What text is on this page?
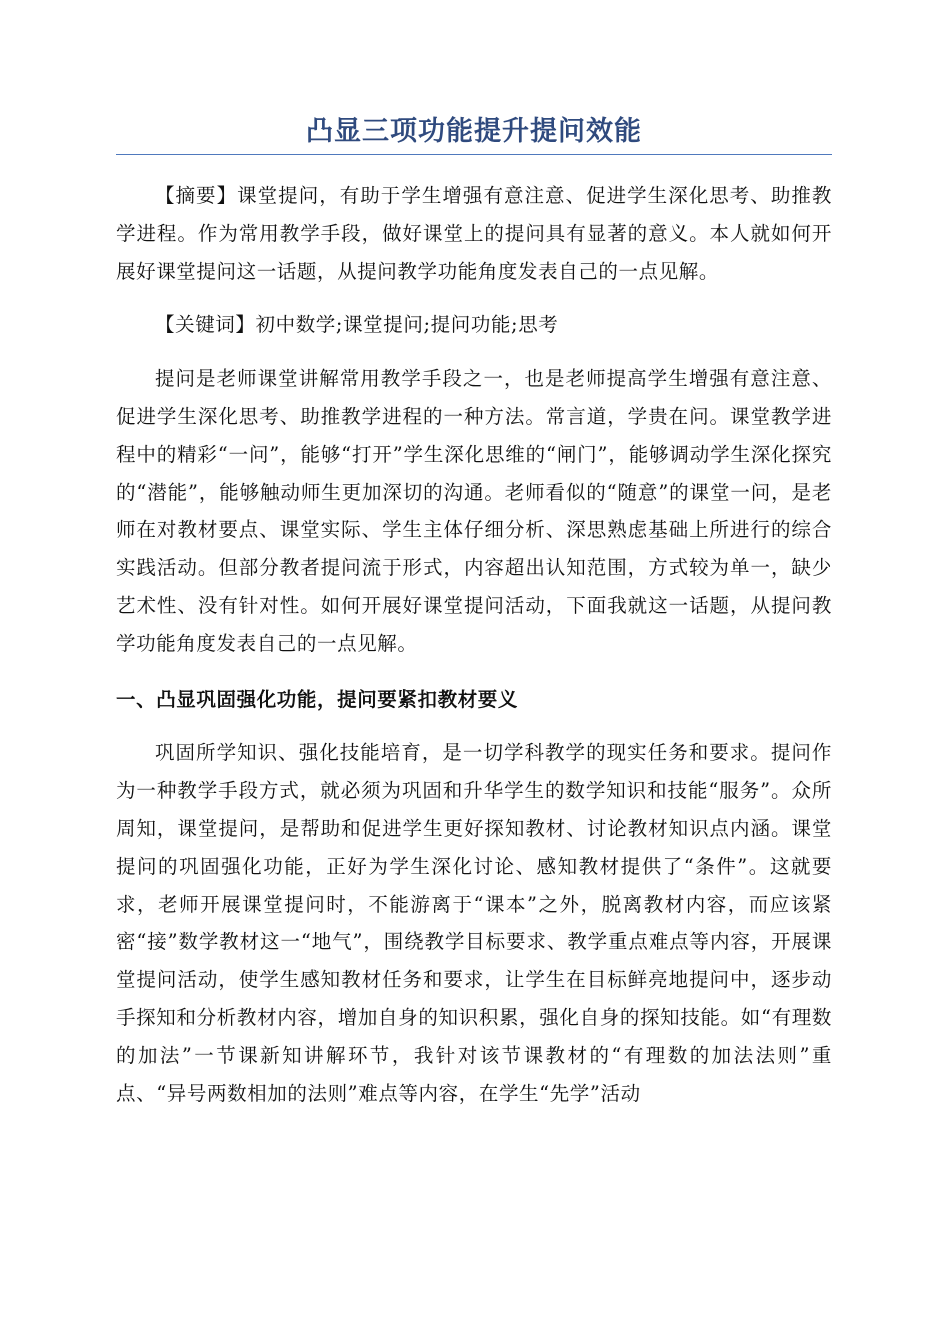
凸显三项功能提升提问效能

【摘要】课堂提问，有助于学生增强有意注意、促进学生深化思考、助推教学进程。作为常用教学手段，做好课堂上的提问具有显著的意义。本人就如何开展好课堂提问这一话题，从提问教学功能角度发表自己的一点见解。

【关键词】初中数学;课堂提问;提问功能;思考

提问是老师课堂讲解常用教学手段之一，也是老师提高学生增强有意注意、促进学生深化思考、助推教学进程的一种方法。常言道，学贵在问。课堂教学进程中的精彩“一问”，能够“打开”学生深化思维的“闸门”，能够调动学生深化探究的“潜能”，能够触动师生更加深切的沟通。老师看似的“随意”的课堂一问，是老师在对教材要点、课堂实际、学生主体仔细分析、深思熟虑基础上所进行的综合实践活动。但部分教者提问流于形式，内容超出认知范围，方式较为单一，缺少艺术性、没有针对性。如何开展好课堂提问活动，下面我就这一话题，从提问教学功能角度发表自己的一点见解。

一、凸显巩固强化功能，提问要紧扣教材要义

巩固所学知识、强化技能培育，是一切学科教学的现实任务和要求。提问作为一种教学手段方式，就必须为巩固和升华学生的数学知识和技能“服务”。众所周知，课堂提问，是帮助和促进学生更好探知教材、讨论教材知识点内涵。课堂提问的巩固强化功能，正好为学生深化讨论、感知教材提供了“条件”。这就要求，老师开展课堂提问时，不能游离于“课本”之外，脱离教材内容，而应该紧密“接”数学教材这一“地气”，围绕教学目标要求、教学重点难点等内容，开展课堂提问活动，使学生感知教材任务和要求，让学生在目标鲜亮地提问中，逐步动手探知和分析教材内容，增加自身的知识积累，强化自身的探知技能。如“有理数的加法”一节课新知讲解环节，我针对该节课教材的“有理数的加法法则”重点、“异号两数相加的法则”难点等内容，在学生“先学”活动
